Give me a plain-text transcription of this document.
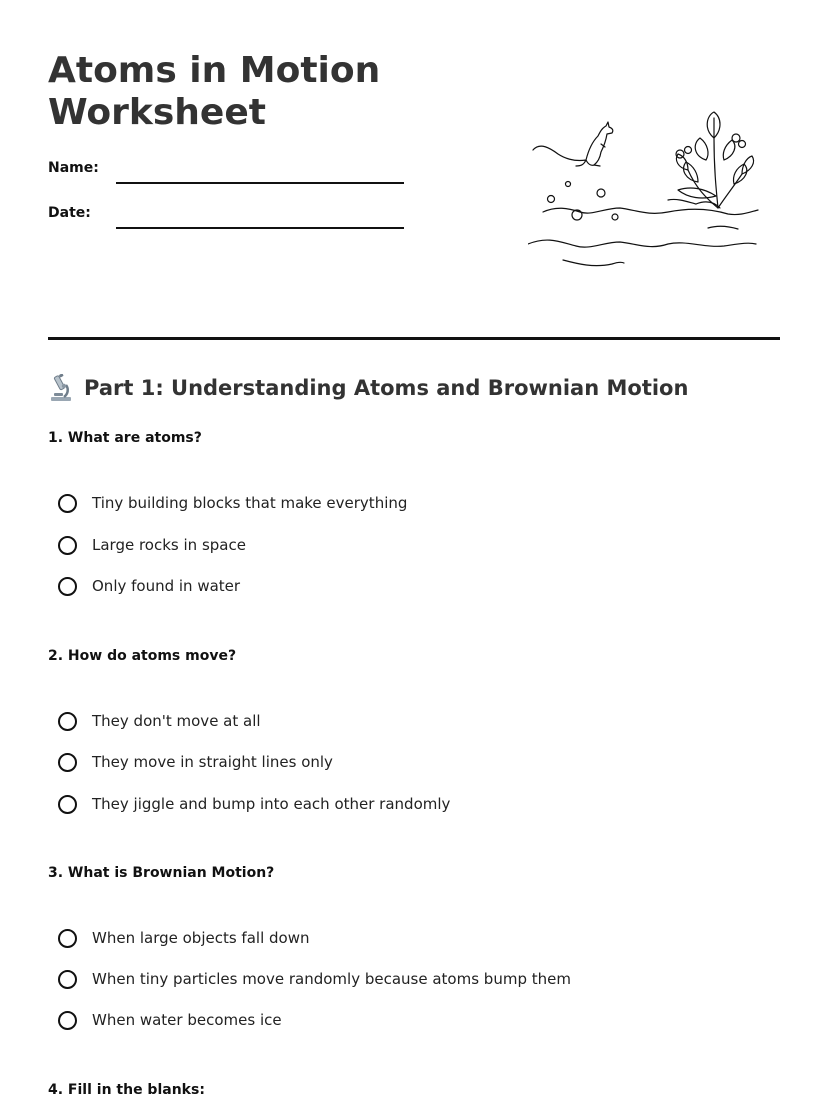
Atoms in Motion
Worksheet
Name:
Date:
Part 1: Understanding Atoms and Brownian Motion

1. What are atoms?

Tiny building blocks that make everything
Large rocks in space
Only found in water

2. How do atoms move?

They don't move at all
They move in straight lines only
They jiggle and bump into each other randomly

3. What is Brownian Motion?

When large objects fall down
When tiny particles move randomly because atoms bump them
When water becomes ice

4. Fill in the blanks:
